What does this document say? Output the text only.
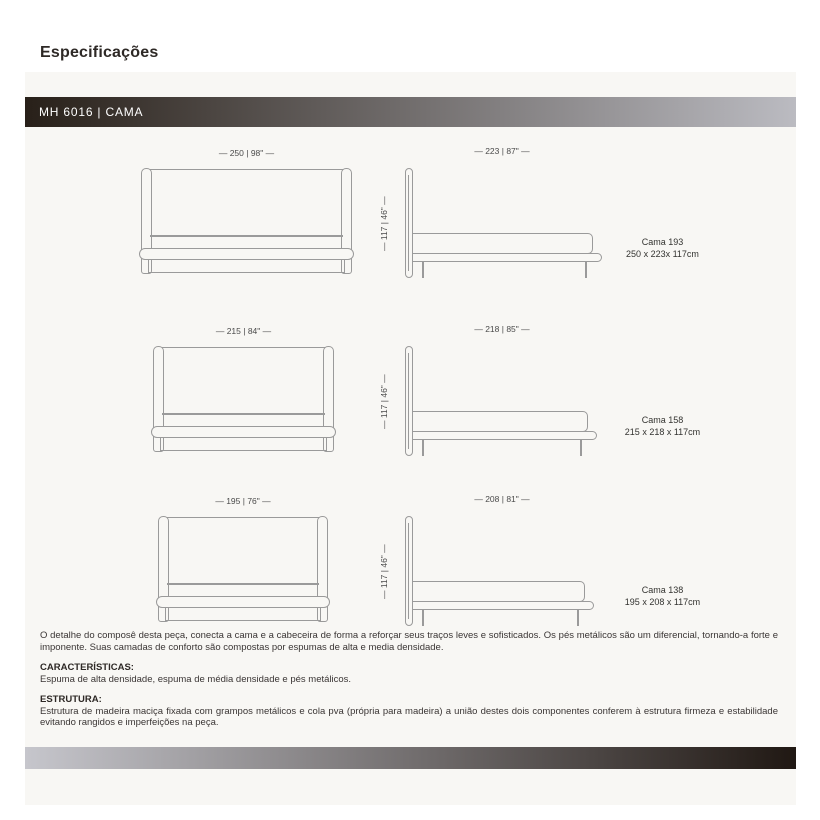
Especificações
MH 6016 | CAMA
— 250 | 98" —	— 223 | 87" —
— 117 | 46" —	Cama 193
250 x 223x 117cm
— 215 | 84" —	— 218 | 85" —
— 117 | 46" —	Cama 158
215 x 218 x 117cm
— 195 | 76" —	— 208 | 81" —
— 117 | 46" —	Cama 138
195 x 208 x 117cm

O detalhe do composê desta peça, conecta a cama e a cabeceira de forma a reforçar seus traços leves e sofisticados. Os pés metálicos são um diferencial, tornando-a forte e imponente. Suas camadas de conforto são compostas por espumas de alta e media densidade.

CARACTERÍSTICAS:

Espuma de alta densidade, espuma de média densidade e pés metálicos.

ESTRUTURA:

Estrutura de madeira maciça fixada com grampos metálicos e cola pva (própria para madeira) a união destes dois componentes conferem à estrutura firmeza e estabilidade evitando rangidos e imperfeições na peça.
